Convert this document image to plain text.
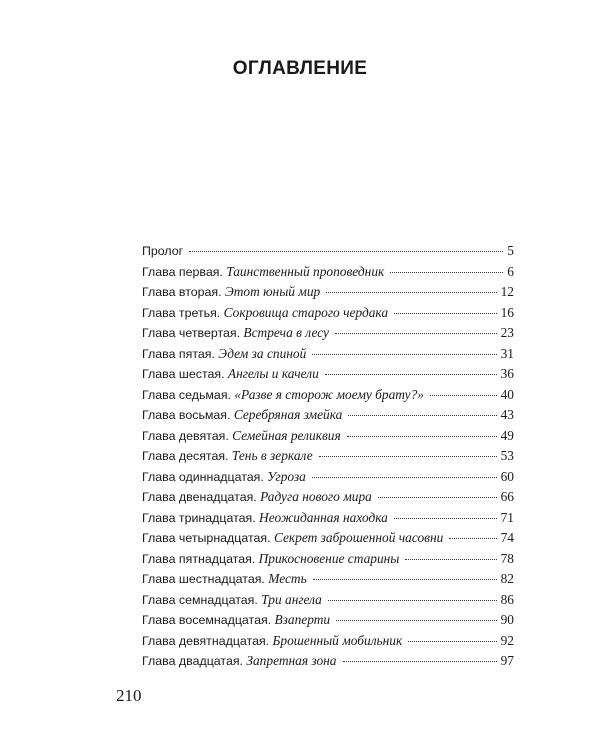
ОГЛАВЛЕНИЕ
Пролог	5
Глава первая. Таинственный проповедник	6
Глава вторая. Этот юный мир	12
Глава третья. Сокровища старого чердака	16
Глава четвертая. Встреча в лесу	23
Глава пятая. Эдем за спиной	31
Глава шестая. Ангелы и качели	36
Глава седьмая. «Разве я сторож моему брату?»	40
Глава восьмая. Серебряная змейка	43
Глава девятая. Семейная реликвия	49
Глава десятая. Тень в зеркале	53
Глава одиннадцатая. Угроза	60
Глава двенадцатая. Радуга нового мира	66
Глава тринадцатая. Неожиданная находка	71
Глава четырнадцатая. Секрет заброшенной часовни	74
Глава пятнадцатая. Прикосновение старины	78
Глава шестнадцатая. Месть	82
Глава семнадцатая. Три ангела	86
Глава восемнадцатая. Взаперти	90
Глава девятнадцатая. Брошенный мобильник	92
Глава двадцатая. Запретная зона	97

210
